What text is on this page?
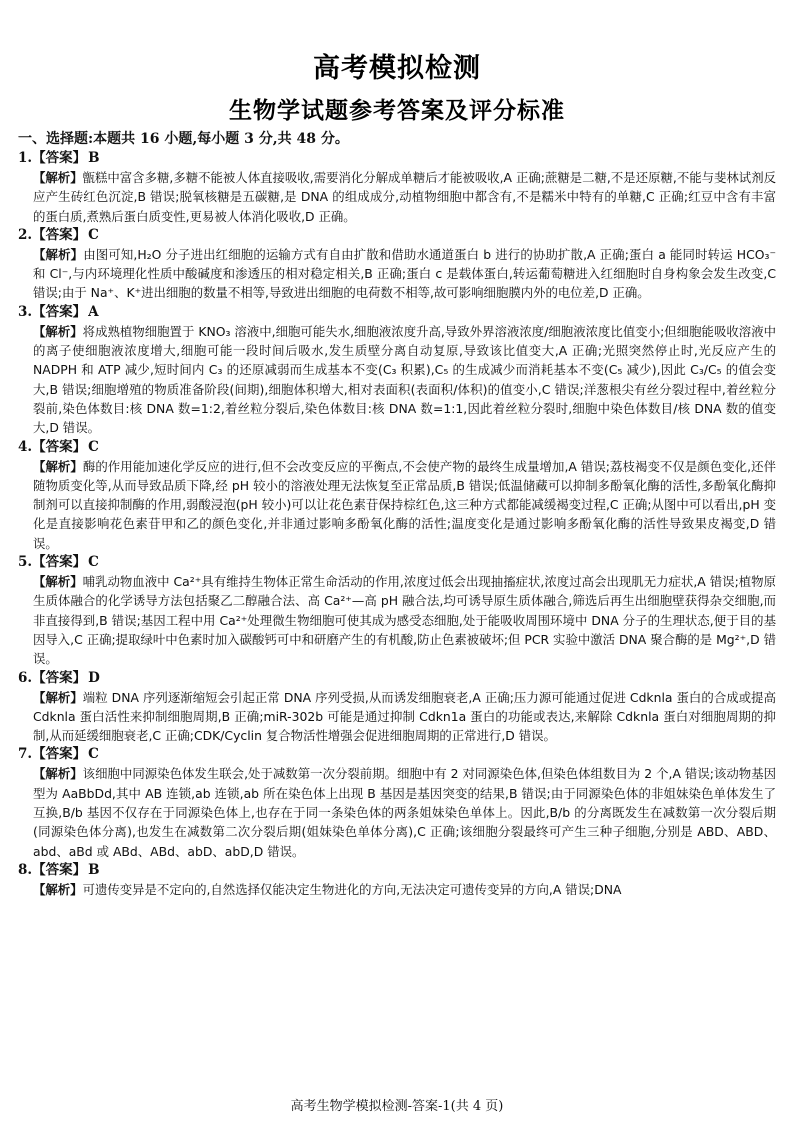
高考模拟检测
生物学试题参考答案及评分标准
一、选择题:本题共 16 小题,每小题 3 分,共 48 分。
1.【答案】 B
【解析】甑糕中富含多糖,多糖不能被人体直接吸收,需要消化分解成单糖后才能被吸收,A 正确;蔗糖是二糖,不是还原糖,不能与斐林试剂反应产生砖红色沉淀,B 错误;脱氧核糖是五碳糖,是 DNA 的组成成分,动植物细胞中都含有,不是糯米中特有的单糖,C 正确;红豆中含有丰富的蛋白质,煮熟后蛋白质变性,更易被人体消化吸收,D 正确。
2.【答案】 C
【解析】由图可知,H₂O 分子进出红细胞的运输方式有自由扩散和借助水通道蛋白 b 进行的协助扩散,A 正确;蛋白 a 能同时转运 HCO₃⁻ 和 Cl⁻,与内环境理化性质中酸碱度和渗透压的相对稳定相关,B 正确;蛋白 c 是载体蛋白,转运葡萄糖进入红细胞时自身构象会发生改变,C 错误;由于 Na⁺、K⁺进出细胞的数量不相等,导致进出细胞的电荷数不相等,故可影响细胞膜内外的电位差,D 正确。
3.【答案】 A
【解析】将成熟植物细胞置于 KNO₃ 溶液中,细胞可能失水,细胞液浓度升高,导致外界溶液浓度/细胞液浓度比值变小;但细胞能吸收溶液中的离子使细胞液浓度增大,细胞可能一段时间后吸水,发生质壁分离自动复原,导致该比值变大,A 正确;光照突然停止时,光反应产生的 NADPH 和 ATP 减少,短时间内 C₃ 的还原减弱而生成基本不变(C₃ 积累),C₅ 的生成减少而消耗基本不变(C₅ 减少),因此 C₃/C₅ 的值会变大,B 错误;细胞增殖的物质准备阶段(间期),细胞体积增大,相对表面积(表面积/体积)的值变小,C 错误;洋葱根尖有丝分裂过程中,着丝粒分裂前,染色体数目:核 DNA 数=1:2,着丝粒分裂后,染色体数目:核 DNA 数=1:1,因此着丝粒分裂时,细胞中染色体数目/核 DNA 数的值变大,D 错误。
4.【答案】 C
【解析】酶的作用能加速化学反应的进行,但不会改变反应的平衡点,不会使产物的最终生成量增加,A 错误;荔枝褐变不仅是颜色变化,还伴随物质变化等,从而导致品质下降,经 pH 较小的溶液处理无法恢复至正常品质,B 错误;低温储藏可以抑制多酚氧化酶的活性,多酚氧化酶抑制剂可以直接抑制酶的作用,弱酸浸泡(pH 较小)可以让花色素苷保持棕红色,这三种方式都能减缓褐变过程,C 正确;从图中可以看出,pH 变化是直接影响花色素苷甲和乙的颜色变化,并非通过影响多酚氧化酶的活性;温度变化是通过影响多酚氧化酶的活性导致果皮褐变,D 错误。
5.【答案】 C
【解析】哺乳动物血液中 Ca²⁺具有维持生物体正常生命活动的作用,浓度过低会出现抽搐症状,浓度过高会出现肌无力症状,A 错误;植物原生质体融合的化学诱导方法包括聚乙二醇融合法、高 Ca²⁺—高 pH 融合法,均可诱导原生质体融合,筛选后再生出细胞壁获得杂交细胞,而非直接得到,B 错误;基因工程中用 Ca²⁺处理微生物细胞可使其成为感受态细胞,处于能吸收周围环境中 DNA 分子的生理状态,便于目的基因导入,C 正确;提取绿叶中色素时加入碳酸钙可中和研磨产生的有机酸,防止色素被破坏;但 PCR 实验中激活 DNA 聚合酶的是 Mg²⁺,D 错误。
6.【答案】 D
【解析】端粒 DNA 序列逐渐缩短会引起正常 DNA 序列受损,从而诱发细胞衰老,A 正确;压力源可能通过促进 Cdknla 蛋白的合成或提高 Cdknla 蛋白活性来抑制细胞周期,B 正确;miR-302b 可能是通过抑制 Cdkn1a 蛋白的功能或表达,来解除 Cdknla 蛋白对细胞周期的抑制,从而延缓细胞衰老,C 正确;CDK/Cyclin 复合物活性增强会促进细胞周期的正常进行,D 错误。
7.【答案】 C
【解析】该细胞中同源染色体发生联会,处于减数第一次分裂前期。细胞中有 2 对同源染色体,但染色体组数目为 2 个,A 错误;该动物基因型为 AaBbDd,其中 AB 连锁,ab 连锁,ab 所在染色体上出现 B 基因是基因突变的结果,B 错误;由于同源染色体的非姐妹染色单体发生了互换,B/b 基因不仅存在于同源染色体上,也存在于同一条染色体的两条姐妹染色单体上。因此,B/b 的分离既发生在减数第一次分裂后期(同源染色体分离),也发生在减数第二次分裂后期(姐妹染色单体分离),C 正确;该细胞分裂最终可产生三种子细胞,分别是 ABD、ABD、abd、aBd 或 ABd、ABd、abD、abD,D 错误。
8.【答案】 B
【解析】可遗传变异是不定向的,自然选择仅能决定生物进化的方向,无法决定可遗传变异的方向,A 错误;DNA
高考生物学模拟检测-答案-1(共 4 页)
